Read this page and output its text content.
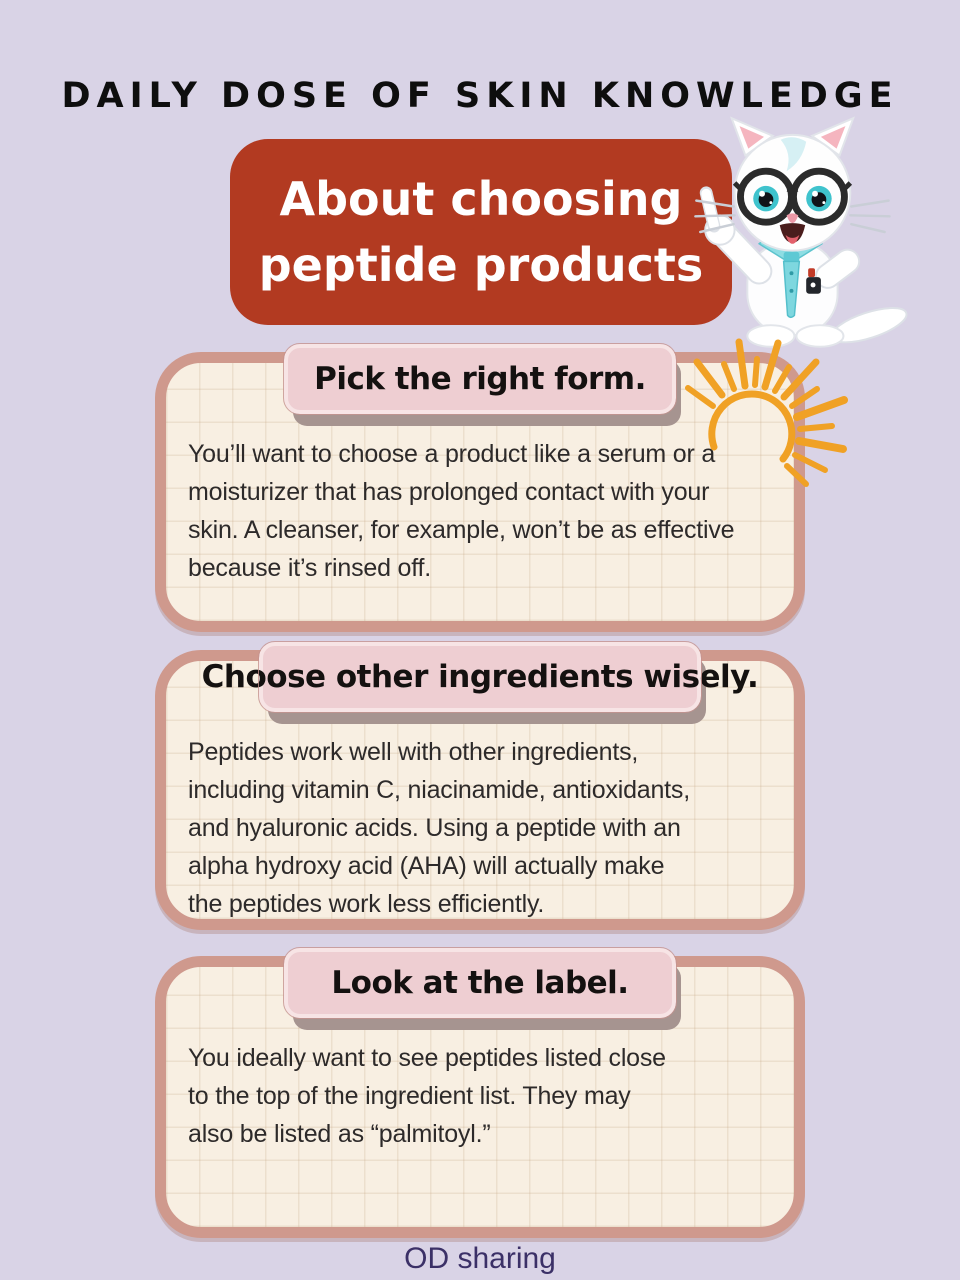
DAILY DOSE OF SKIN KNOWLEDGE
About choosing
peptide products
Pick the right form.
You’ll want to choose a product like a serum or a
moisturizer that has prolonged contact with your
skin. A cleanser, for example, won’t be as effective
because it’s rinsed off.
Choose other ingredients wisely.
Peptides work well with other ingredients,
including vitamin C, niacinamide, antioxidants,
and hyaluronic acids. Using a peptide with an
alpha hydroxy acid (AHA) will actually make
the peptides work less efficiently.
Look at the label.
You ideally want to see peptides listed close
to the top of the ingredient list. They may
also be listed as “palmitoyl.”
OD sharing
